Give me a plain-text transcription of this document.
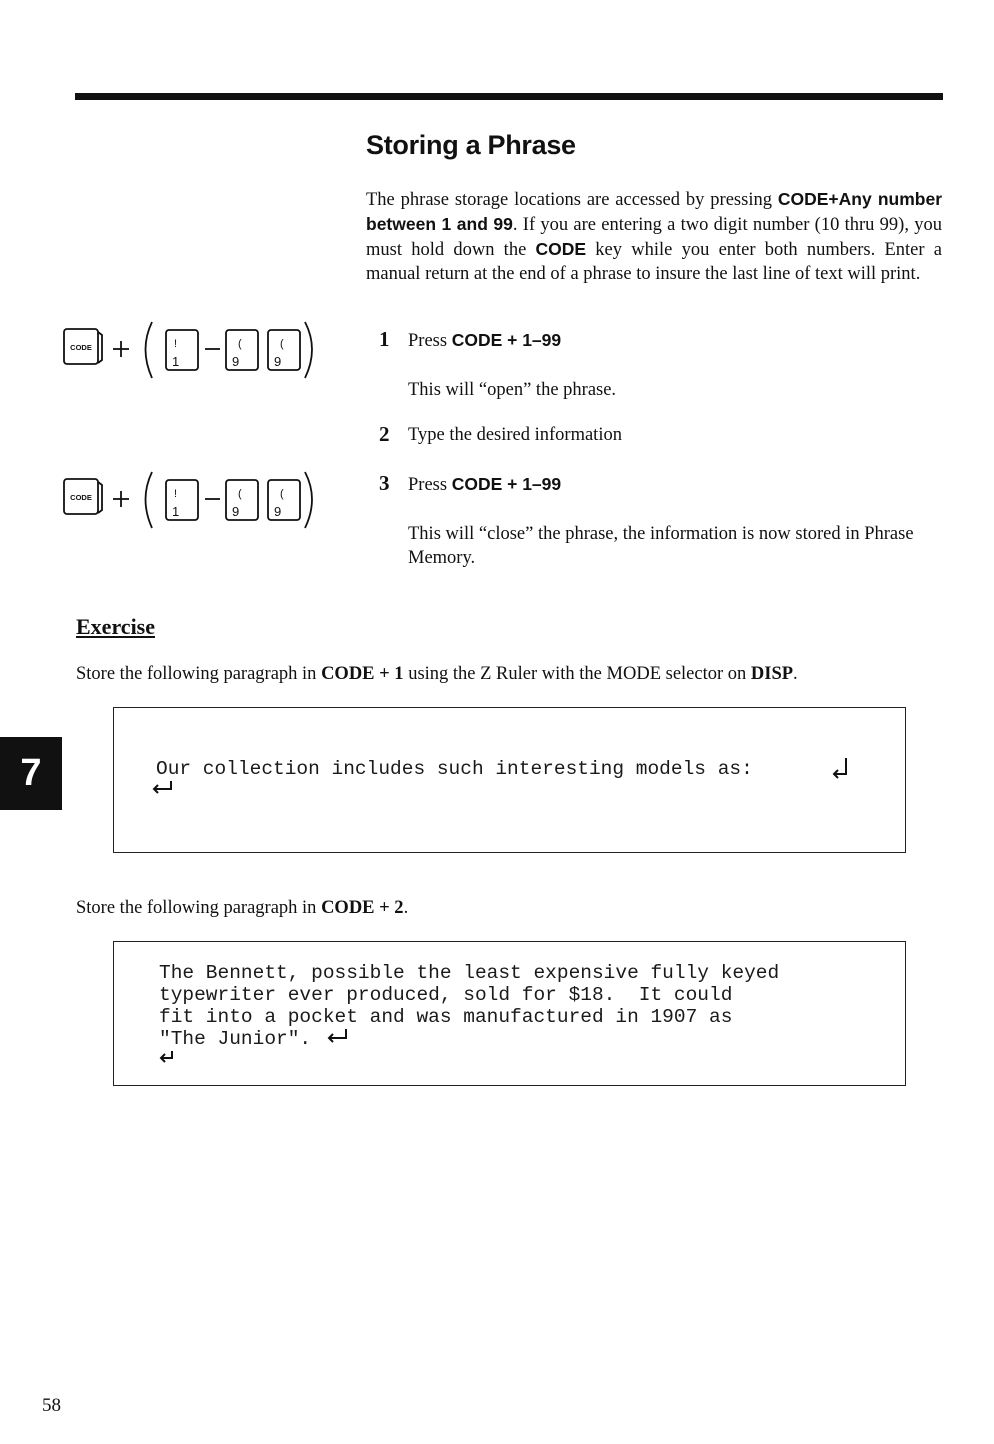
Storing a Phrase

The phrase storage locations are accessed by pressing CODE+Any number between 1 and 99. If you are entering a two digit number (10 thru 99), you must hold down the CODE key while you enter both numbers. Enter a manual return at the end of a phrase to insure the last line of text will print.

CODE	!
1
(
9
(
9
CODE	!
1
(
9
(
9
1 Press CODE + 1–99
This will “open” the phrase.
2 Type the desired information
3 Press CODE + 1–99
This will “close” the phrase, the information is now stored in Phrase Memory.
Exercise
Store the following paragraph in CODE + 1 using the Z Ruler with the MODE selector on DISP.
Our collection includes such interesting models as:
Store the following paragraph in CODE + 2.
The Bennett, possible the least expensive fully keyed
typewriter ever produced, sold for $18.  It could
fit into a pocket and was manufactured in 1907 as
"The Junior".
7
58
